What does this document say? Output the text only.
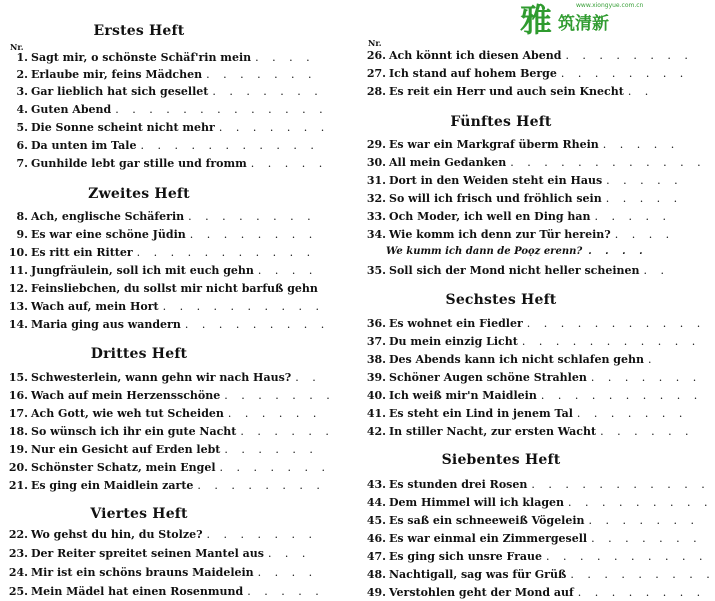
雅 筑清新
www.xiongyue.com.cn
Erstes Heft
Nr.
1. Sagt mir, o schönste Schäf'rin mein . . . .
2. Erlaube mir, feins Mädchen . . . . . . .
3. Gar lieblich hat sich gesellet . . . . . . .
4. Guten Abend . . . . . . . . . . . . .
5. Die Sonne scheint nicht mehr . . . . . . .
6. Da unten im Tale . . . . . . . . . . .
7. Gunhilde lebt gar stille und fromm . . . . .
8. Ach, englische Schäferin . . . . . . . .
9. Es war eine schöne Jüdin . . . . . . . .
10. Es ritt ein Ritter . . . . . . . . . . .
11. Jungfräulein, soll ich mit euch gehn . . . .
12. Feinsliebchen, du sollst mir nicht barfuß gehn
13. Wach auf, mein Hort . . . . . . . . . .
14. Maria ging aus wandern . . . . . . . . .
15. Schwesterlein, wann gehn wir nach Haus? . .
16. Wach auf mein Herzensschöne . . . . . . .
17. Ach Gott, wie weh tut Scheiden . . . . . .
18. So wünsch ich ihr ein gute Nacht . . . . . .
19. Nur ein Gesicht auf Erden lebt . . . . . .
20. Schönster Schatz, mein Engel . . . . . . .
21. Es ging ein Maidlein zarte . . . . . . . .
22. Wo gehst du hin, du Stolze? . . . . . . .
23. Der Reiter spreitet seinen Mantel aus . . .
24. Mir ist ein schöns brauns Maidelein . . . .
25. Mein Mädel hat einen Rosenmund . . . . .
Zweites Heft
Drittes Heft
Viertes Heft
Nr.
26. Ach könnt ich diesen Abend . . . . . . . .
27. Ich stand auf hohem Berge . . . . . . . .
28. Es reit ein Herr und auch sein Knecht . .
29. Es war ein Markgraf überm Rhein . . . . .
30. All mein Gedanken . . . . . . . . . . . .
31. Dort in den Weiden steht ein Haus . . . . .
32. So will ich frisch und fröhlich sein . . . . .
33. Och Moder, ich well en Ding han . . . . .
34. Wie komm ich denn zur Tür herein? . . . .
35. Soll sich der Mond nicht heller scheinen . .
36. Es wohnet ein Fiedler . . . . . . . . . . .
37. Du mein einzig Licht . . . . . . . . . . .
38. Des Abends kann ich nicht schlafen gehn .
39. Schöner Augen schöne Strahlen . . . . . . .
40. Ich weiß mir'n Maidlein . . . . . . . . . .
41. Es steht ein Lind in jenem Tal . . . . . . .
42. In stiller Nacht, zur ersten Wacht . . . . . .
43. Es stunden drei Rosen . . . . . . . . . . .
44. Dem Himmel will ich klagen . . . . . . . . .
45. Es saß ein schneeweiß Vögelein . . . . . . .
46. Es war einmal ein Zimmergesell . . . . . . .
47. Es ging sich unsre Fraue . . . . . . . . . .
48. Nachtigall, sag was für Grüß . . . . . . . . .
49. Verstohlen geht der Mond auf . . . . . . . .
Fünftes Heft
Sechstes Heft
Siebentes Heft
We kumm ich dann de Poǫz erenn? . . . .
